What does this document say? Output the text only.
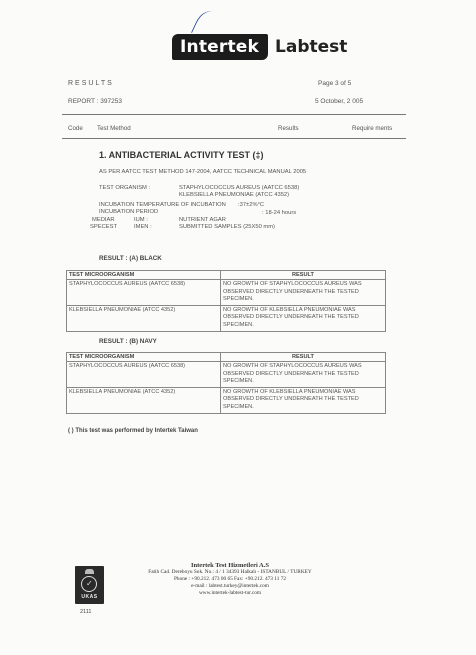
Intertek Labtest
RESULTS
REPORT : 397253
Page 3 of 5
5 October, 2 005
Code Test Method	Results	Require ments
1. ANTIBACTERIAL ACTIVITY TEST (‡)
AS PER AATCC TEST METHOD 147-2004, AATCC TECHNICAL MANUAL 2005
TEST ORGANISM :	STAPHYLOCOCCUS AUREUS (AATCC 6538)
KLEBSIELLA PNEUMONIAE (ATCC 4352)
INCUBATION TEMPERATURE OF INCUBATION :37±2%°C
INCUBATION PERIOD	: 18-24 hours
MEDIAR	IUM :	NUTRIENT AGAR
SPECEST	IMEN :	SUBMITTED SAMPLES (25X50 mm)
RESULT : (A) BLACK
TEST MICROORGANISM	RESULT
STAPHYLOCOCCUS AUREUS (AATCC 6538)	NO GROWTH OF STAPHYLOCOCCUS AUREUS WAS OBSERVED DIRECTLY UNDERNEATH THE TESTED SPECIMEN.
KLEBSIELLA PNEUMONIAE (ATCC 4352)	NO GROWTH OF KLEBSIELLA PNEUMONIAE WAS OBSERVED DIRECTLY UNDERNEATH THE TESTED SPECIMEN.
RESULT : (B) NAVY
TEST MICROORGANISM	RESULT
STAPHYLOCOCCUS AUREUS (AATCC 6538)	NO GROWTH OF STAPHYLOCOCCUS AUREUS WAS OBSERVED DIRECTLY UNDERNEATH THE TESTED SPECIMEN.
KLEBSIELLA PNEUMONIAE (ATCC 4352)	NO GROWTH OF KLEBSIELLA PNEUMONIAE WAS OBSERVED DIRECTLY UNDERNEATH THE TESTED SPECIMEN.
( ) This test was performed by Intertek Taiwan
✓
UKAS
2111
Intertek Test Hizmetleri A.S
Fatih Cad. Dereboyu Sok. No.: 4 / 1 34393 Halkalı - ISTANBUL / TURKEY
Phone : +90.212. 473 00 65 Fax: +90.212. 473 11 72
e-mail : labtest.turkey@intertek.com
www.intertek-labtest-tur.com
